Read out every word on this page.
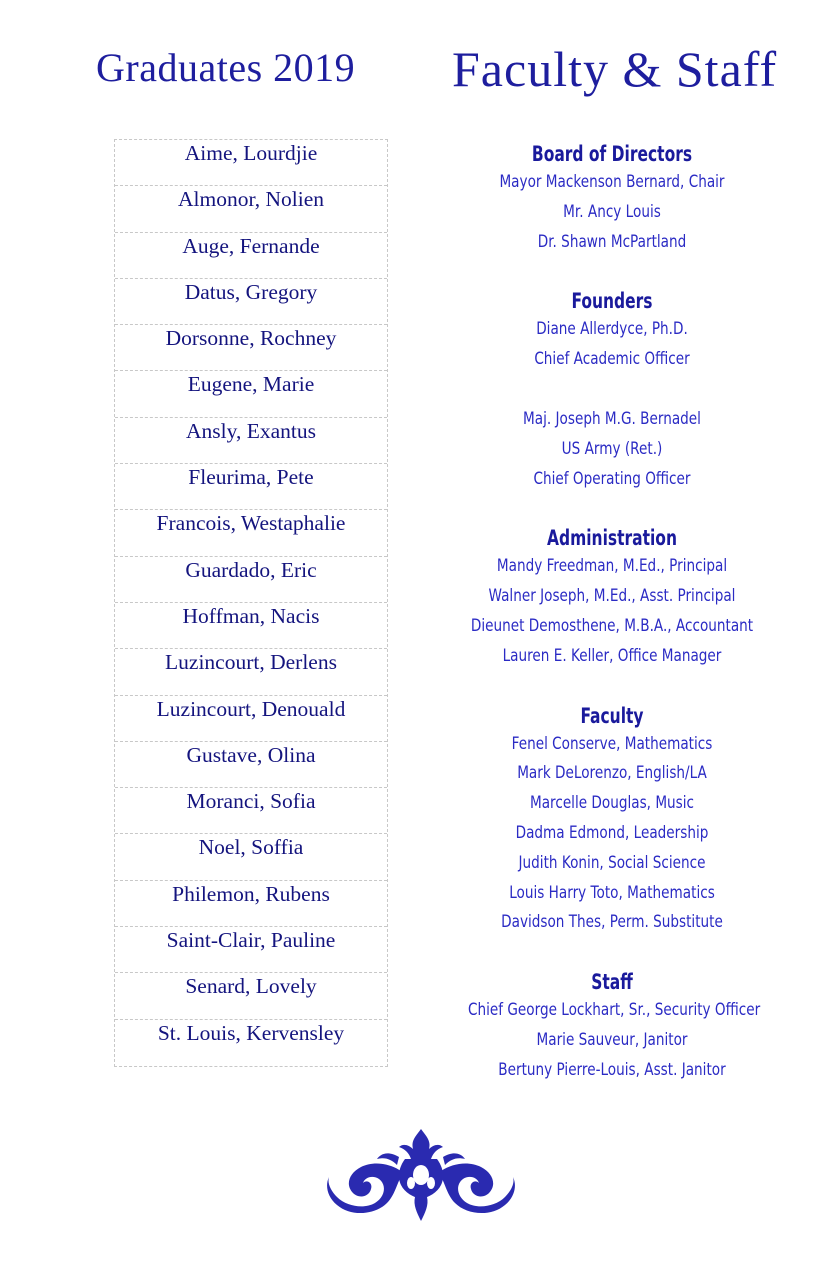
Graduates 2019 Faculty & Staff
Aime, Lourdjie
Almonor, Nolien
Auge, Fernande
Datus, Gregory
Dorsonne, Rochney
Eugene, Marie
Ansly, Exantus
Fleurima, Pete
Francois, Westaphalie
Guardado, Eric
Hoffman, Nacis
Luzincourt, Derlens
Luzincourt, Denouald
Gustave, Olina
Moranci, Sofia
Noel, Soffia
Philemon, Rubens
Saint-Clair, Pauline
Senard, Lovely
St. Louis, Kervensley

Board of Directors

Mayor Mackenson Bernard, Chair

Mr. Ancy Louis

Dr. Shawn McPartland

Founders

Diane Allerdyce, Ph.D.

Chief Academic Officer

Maj. Joseph M.G. Bernadel

US Army (Ret.)

Chief Operating Officer

Administration

Mandy Freedman, M.Ed., Principal

Walner Joseph, M.Ed., Asst. Principal

Dieunet Demosthene, M.B.A., Accountant

Lauren E. Keller, Office Manager

Faculty

Fenel Conserve, Mathematics

Mark DeLorenzo, English/LA

Marcelle Douglas, Music

Dadma Edmond, Leadership

Judith Konin, Social Science

Louis Harry Toto, Mathematics

Davidson Thes, Perm. Substitute

Staff

Chief George Lockhart, Sr., Security Officer

Marie Sauveur, Janitor

Bertuny Pierre-Louis, Asst. Janitor
